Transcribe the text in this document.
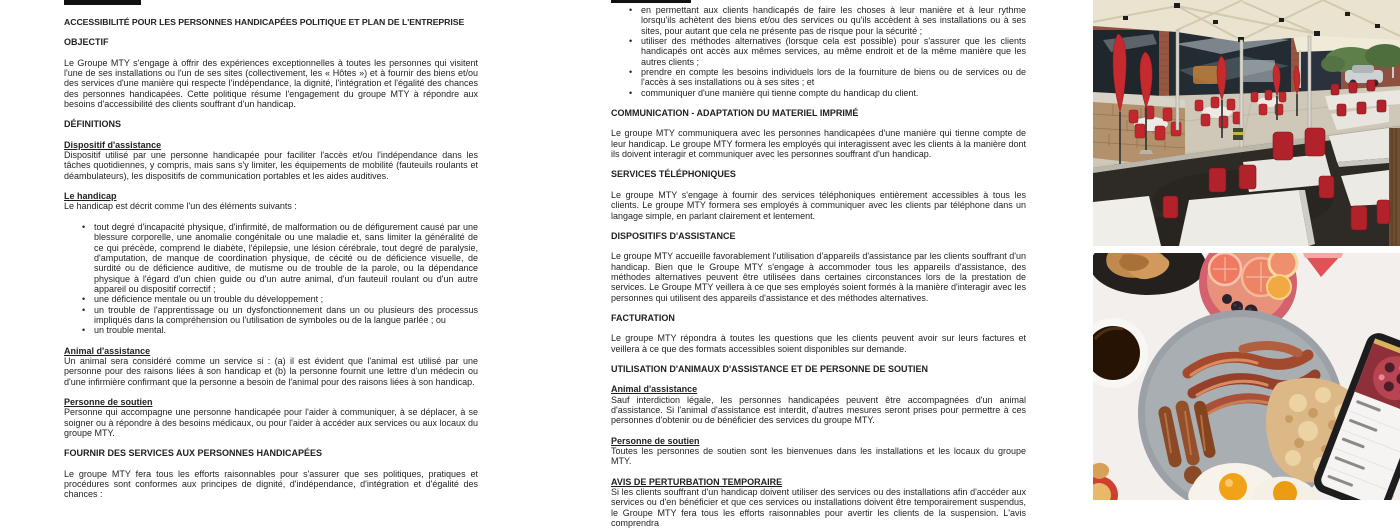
ACCESSIBILITÉ POUR LES PERSONNES HANDICAPÉES POLITIQUE ET PLAN DE L'ENTREPRISE
OBJECTIF
Le Groupe MTY s'engage à offrir des expériences exceptionnelles à toutes les personnes qui visitent l'une de ses installations ou l'un de ses sites (collectivement, les « Hôtes ») et à fournir des biens et/ou des services d'une manière qui respecte l'indépendance, la dignité, l'intégration et l'égalité des chances des personnes handicapées. Cette politique résume l'engagement du groupe MTY à répondre aux besoins d'accessibilité des clients souffrant d'un handicap.
DÉFINITIONS
Dispositif d'assistance
Dispositif utilisé par une personne handicapée pour faciliter l'accès et/ou l'indépendance dans les tâches quotidiennes, y compris, mais sans s'y limiter, les équipements de mobilité (fauteuils roulants et déambulateurs), les dispositifs de communication portables et les aides auditives.
Le handicap
Le handicap est décrit comme l'un des éléments suivants :
• tout degré d'incapacité physique, d'infirmité, de malformation ou de défigurement causé par une blessure corporelle, une anomalie congénitale ou une maladie et, sans limiter la généralité de ce qui précède, comprend le diabète, l'épilepsie, une lésion cérébrale, tout degré de paralysie, d'amputation, de manque de coordination physique, de cécité ou de déficience visuelle, de surdité ou de déficience auditive, de mutisme ou de trouble de la parole, ou la dépendance physique à l'égard d'un chien guide ou d'un autre animal, d'un fauteuil roulant ou d'un autre appareil ou dispositif correctif ;
• une déficience mentale ou un trouble du développement ;
• un trouble de l'apprentissage ou un dysfonctionnement dans un ou plusieurs des processus impliqués dans la compréhension ou l'utilisation de symboles ou de la langue parlée ; ou
• un trouble mental.
Animal d'assistance
Un animal sera considéré comme un service si : (a) il est évident que l'animal est utilisé par une personne pour des raisons liées à son handicap et (b) la personne fournit une lettre d'un médecin ou d'une infirmière confirmant que la personne a besoin de l'animal pour des raisons liées à son handicap.
Personne de soutien
Personne qui accompagne une personne handicapée pour l'aider à communiquer, à se déplacer, à se soigner ou à répondre à des besoins médicaux, ou pour l'aider à accéder aux services ou aux locaux du groupe MTY.
FOURNIR DES SERVICES AUX PERSONNES HANDICAPÉES
Le groupe MTY fera tous les efforts raisonnables pour s'assurer que ses politiques, pratiques et procédures sont conformes aux principes de dignité, d'indépendance, d'intégration et d'égalité des chances :
• en permettant aux clients handicapés de faire les choses à leur manière et à leur rythme lorsqu'ils achètent des biens et/ou des services ou qu'ils accèdent à ses installations ou à ses sites, pour autant que cela ne présente pas de risque pour la sécurité ;
• utiliser des méthodes alternatives (lorsque cela est possible) pour s'assurer que les clients handicapés ont accès aux mêmes services, au même endroit et de la même manière que les autres clients ;
• prendre en compte les besoins individuels lors de la fourniture de biens ou de services ou de l'accès à ses installations ou à ses sites ; et
• communiquer d'une manière qui tienne compte du handicap du client.
COMMUNICATION - ADAPTATION DU MATERIEL IMPRIMÉ
Le groupe MTY communiquera avec les personnes handicapées d'une manière qui tienne compte de leur handicap. Le groupe MTY formera les employés qui interagissent avec les clients à la manière dont ils doivent interagir et communiquer avec les personnes souffrant d'un handicap.
SERVICES TÉLÉPHONIQUES
Le groupe MTY s'engage à fournir des services téléphoniques entièrement accessibles à tous les clients. Le groupe MTY formera ses employés à communiquer avec les clients par téléphone dans un langage simple, en parlant clairement et lentement.
DISPOSITIFS D'ASSISTANCE
Le groupe MTY accueille favorablement l'utilisation d'appareils d'assistance par les clients souffrant d'un handicap. Bien que le Groupe MTY s'engage à accommoder tous les appareils d'assistance, des méthodes alternatives peuvent être utilisées dans certaines circonstances lors de la prestation de services. Le Groupe MTY veillera à ce que ses employés soient formés à la manière d'interagir avec les personnes qui utilisent des appareils d'assistance et des méthodes alternatives.
FACTURATION
Le groupe MTY répondra à toutes les questions que les clients peuvent avoir sur leurs factures et veillera à ce que des formats accessibles soient disponibles sur demande.
UTILISATION D'ANIMAUX D'ASSISTANCE ET DE PERSONNE DE SOUTIEN
Animal d'assistance
Sauf interdiction légale, les personnes handicapées peuvent être accompagnées d'un animal d'assistance. Si l'animal d'assistance est interdit, d'autres mesures seront prises pour permettre à ces personnes d'obtenir ou de bénéficier des services du groupe MTY.
Personne de soutien
Toutes les personnes de soutien sont les bienvenues dans les installations et les locaux du groupe MTY.
AVIS DE PERTURBATION TEMPORAIRE
Si les clients souffrant d'un handicap doivent utiliser des services ou des installations afin d'accéder aux services ou d'en bénéficier et que ces services ou installations doivent être temporairement suspendus, le Groupe MTY fera tous les efforts raisonnables pour avertir les clients de la suspension. L'avis comprendra
